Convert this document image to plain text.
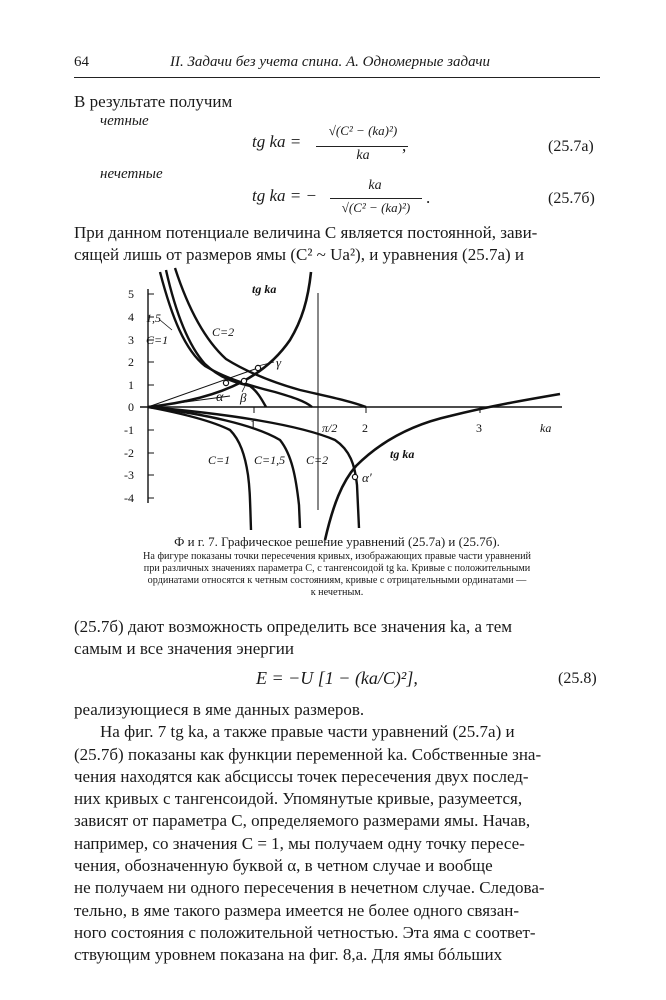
64	II. Задачи без учета спина. А. Одномерные задачи
В результате получим
четные
tg ka =
√(C² − (ka)²)
ka
,	(25.7а)
нечетные
tg ka = −
ka
√(C² − (ka)²)
.	(25.7б)
При данном потенциале величина C является постоянной, зави-
сящей лишь от размеров ямы (C² ~ Ua²), и уравнения (25.7а) и
5
4
3
2
1
0
-1
-2
-3
-4
π/2 2	3	ka
tg ka
tg ka
C=2
1,5
C=1
C=1 C=1,5 C=2
1
α β
γ
α′
Ф и г. 7. Графическое решение уравнений (25.7а) и (25.7б).
На фигуре показаны точки пересечения кривых, изображающих правые части уравнений
при различных значениях параметра C, с тангенсоидой tg ka. Кривые с положительными
ординатами относятся к четным состояниям, кривые с отрицательными ординатами —
к нечетным.
(25.7б) дают возможность определить все значения ka, а тем
самым и все значения энергии
E = −U [1 − (ka/C)²],	(25.8)
реализующиеся в яме данных размеров.
На фиг. 7 tg ka, а также правые части уравнений (25.7а) и
(25.7б) показаны как функции переменной ka. Собственные зна-
чения находятся как абсциссы точек пересечения двух послед-
них кривых с тангенсоидой. Упомянутые кривые, разумеется,
зависят от параметра C, определяемого размерами ямы. Начав,
например, со значения C = 1, мы получаем одну точку пересе-
чения, обозначенную буквой α, в четном случае и вообще
не получаем ни одного пересечения в нечетном случае. Следова-
тельно, в яме такого размера имеется не более одного связан-
ного состояния с положительной четностью. Эта яма с соответ-
ствующим уровнем показана на фиг. 8,a. Для ямы бóльших
